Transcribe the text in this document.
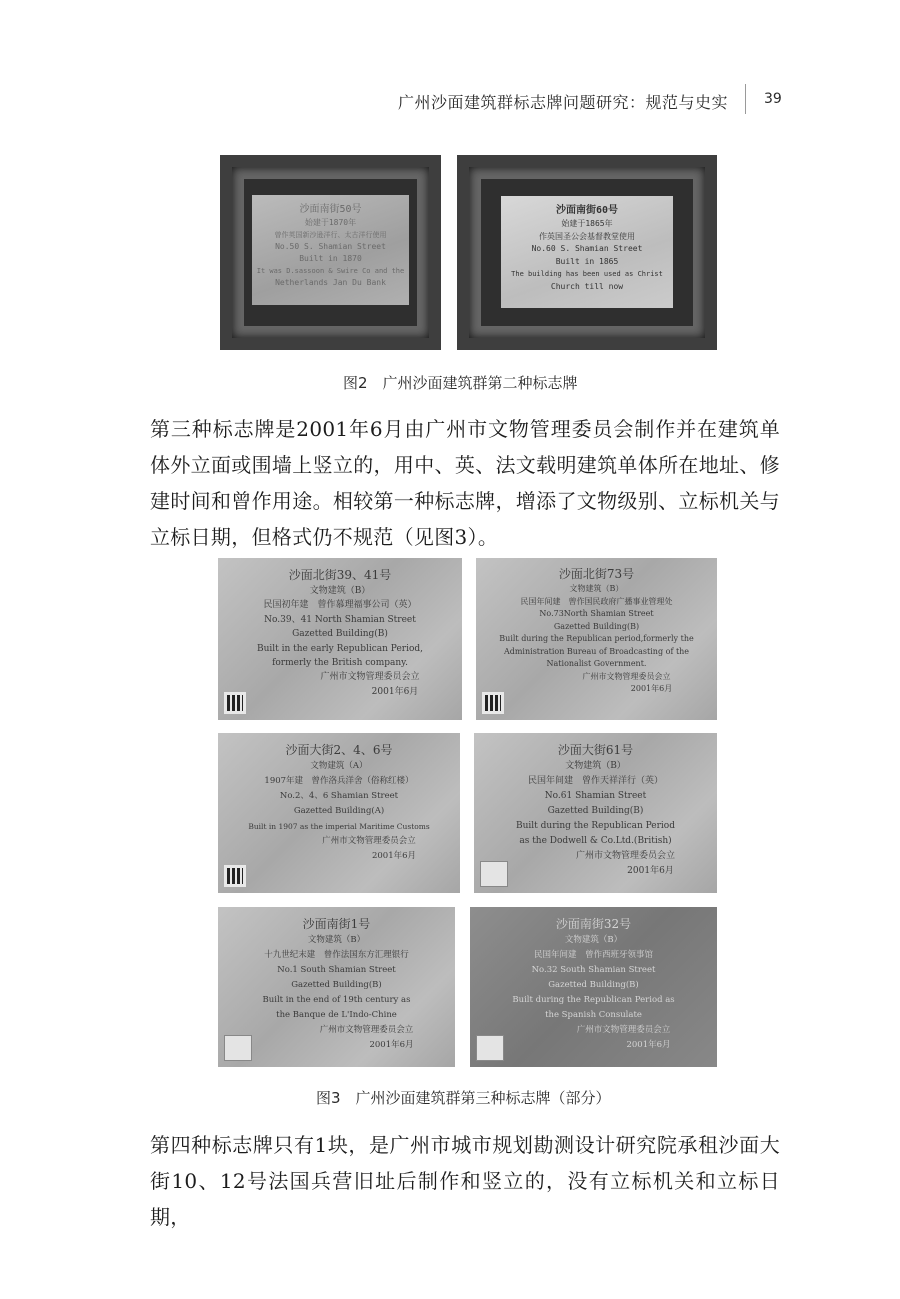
广州沙面建筑群标志牌问题研究：规范与史实	39
沙面南街50号
始建于1870年
曾作英国新沙逊洋行、太古洋行使用
No.50 S. Shamian Street
Built in 1870
It was D.sassoon & Swire Co and the
Netherlands Jan Du Bank
沙面南街60号
始建于1865年
作英国圣公会基督教堂使用
No.60 S. Shamian Street
Built in 1865
The building has been used as Christ
Church till now
图2　广州沙面建筑群第二种标志牌
第三种标志牌是2001年6月由广州市文物管理委员会制作并在建筑单体外立面或围墙上竖立的，用中、英、法文载明建筑单体所在地址、修建时间和曾作用途。相较第一种标志牌，增添了文物级别、立标机关与立标日期，但格式仍不规范（见图3）。
沙面北街39、41号
文物建筑（B）
民国初年建　曾作慕理福事公司（英）
No.39、41 North Shamian Street
Gazetted Building(B)
Built in the early Republican Period,
formerly the British company.
广州市文物管理委员会立
2001年6月
沙面北街73号
文物建筑（B）
民国年间建　曾作国民政府广播事业管理处
No.73North Shamian Street
Gazetted Building(B)
Built during the Republican period,formerly the
Administration Bureau of Broadcasting of the
Nationalist Government.
广州市文物管理委员会立
2001年6月
沙面大街2、4、6号
文物建筑（A）
1907年建　曾作洛兵洋舍（俗称红楼）
No.2、4、6 Shamian Street
Gazetted Building(A)
Built in 1907 as the imperial Maritime Customs
广州市文物管理委员会立
2001年6月
沙面大街61号
文物建筑（B）
民国年间建　曾作天祥洋行（英）
No.61 Shamian Street
Gazetted Building(B)
Built during the Republican Period
as the Dodwell & Co.Ltd.(British)
广州市文物管理委员会立
2001年6月
沙面南街1号
文物建筑（B）
十九世纪末建　曾作法国东方汇理银行
No.1 South Shamian Street
Gazetted Building(B)
Built in the end of 19th century as
the Banque de L'Indo-Chine
广州市文物管理委员会立
2001年6月
沙面南街32号
文物建筑（B）
民国年间建　曾作西班牙领事馆
No.32 South Shamian Street
Gazetted Building(B)
Built during the Republican Period as
the Spanish Consulate
广州市文物管理委员会立
2001年6月
图3　广州沙面建筑群第三种标志牌（部分）
第四种标志牌只有1块，是广州市城市规划勘测设计研究院承租沙面大街10、12号法国兵营旧址后制作和竖立的，没有立标机关和立标日期，
